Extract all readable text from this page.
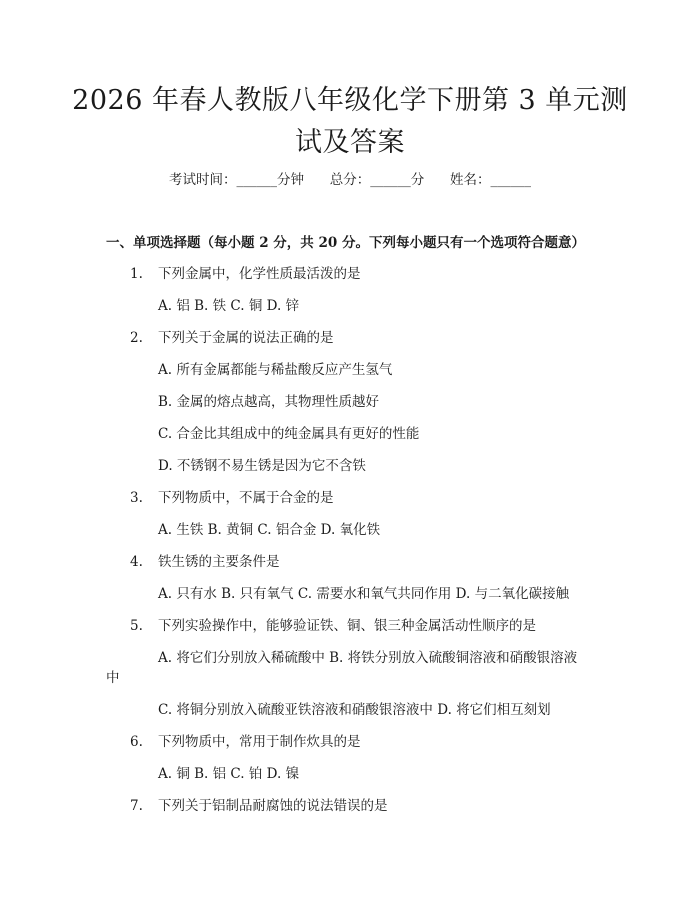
2026 年春人教版八年级化学下册第 3 单元测
试及答案
考试时间：______分钟      总分：______分      姓名：______
一、单项选择题（每小题 2 分，共 20 分。下列每小题只有一个选项符合题意）
1. 下列金属中，化学性质最活泼的是
A. 铝 B. 铁 C. 铜 D. 锌
2. 下列关于金属的说法正确的是
A. 所有金属都能与稀盐酸反应产生氢气
B. 金属的熔点越高，其物理性质越好
C. 合金比其组成中的纯金属具有更好的性能
D. 不锈钢不易生锈是因为它不含铁
3. 下列物质中，不属于合金的是
A. 生铁 B. 黄铜 C. 铝合金 D. 氧化铁
4. 铁生锈的主要条件是
A. 只有水 B. 只有氧气 C. 需要水和氧气共同作用 D. 与二氧化碳接触
5. 下列实验操作中，能够验证铁、铜、银三种金属活动性顺序的是
A. 将它们分别放入稀硫酸中 B. 将铁分别放入硫酸铜溶液和硝酸银溶液
中
C. 将铜分别放入硫酸亚铁溶液和硝酸银溶液中 D. 将它们相互刻划
6. 下列物质中，常用于制作炊具的是
A. 铜 B. 铝 C. 铂 D. 镍
7. 下列关于铝制品耐腐蚀的说法错误的是
